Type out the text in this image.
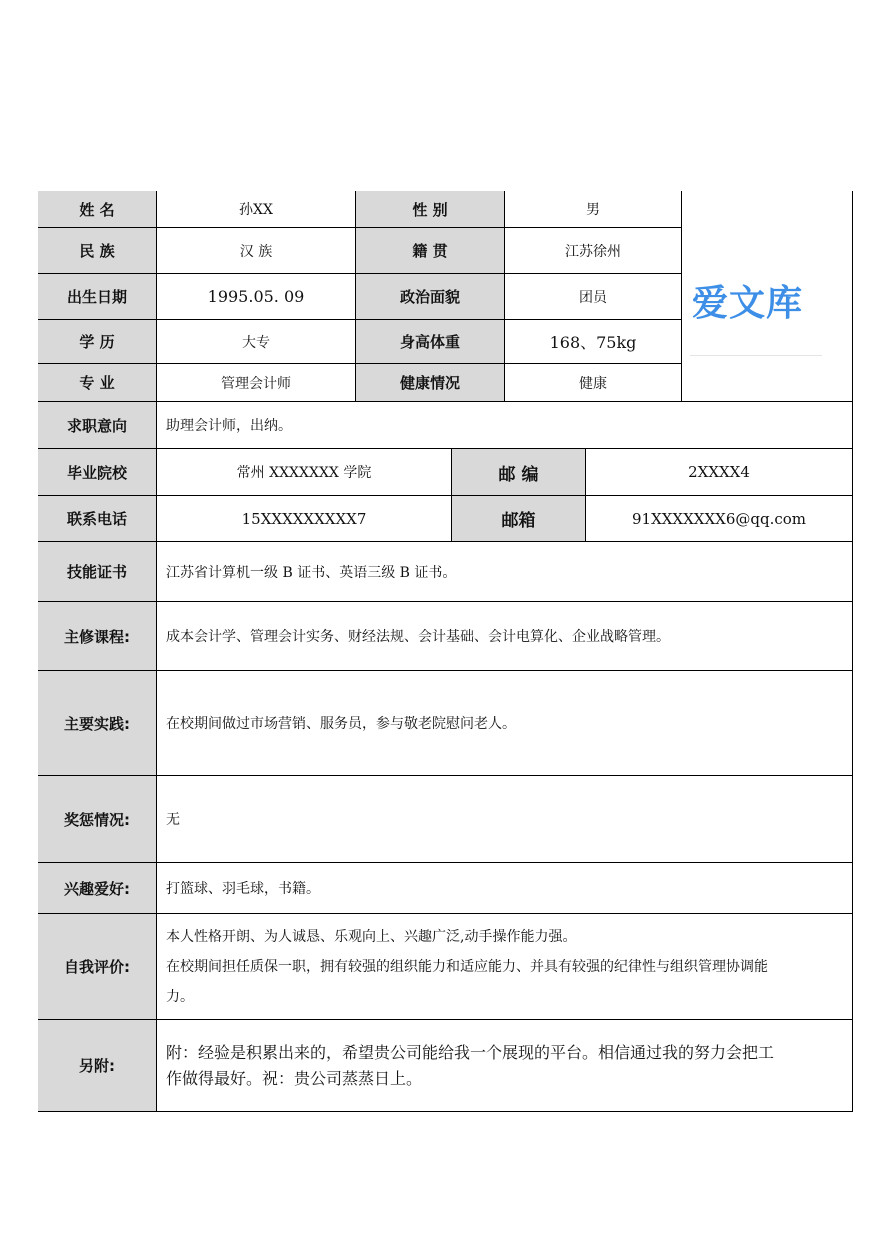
姓 名	孙XX	性 别	男
爱文库
民 族	汉 族	籍 贯	江苏徐州
出生日期	1995.05. 09	政治面貌	团员
学 历	大专	身高体重	168、75kg
专 业	管理会计师	健康情况	健康
求职意向	助理会计师，出纳。
毕业院校	常州 XXXXXXX 学院	邮 编	2XXXX4
联系电话	15XXXXXXXXX7	邮箱	91XXXXXXX6@qq.com
技能证书	江苏省计算机一级 B 证书、英语三级 B 证书。
主修课程:	成本会计学、管理会计实务、财经法规、会计基础、会计电算化、企业战略管理。
主要实践:	在校期间做过市场营销、服务员，参与敬老院慰问老人。
奖惩情况:	无
兴趣爱好:	打篮球、羽毛球，书籍。
自我评价:
本人性格开朗、为人诚恳、乐观向上、兴趣广泛,动手操作能力强。
在校期间担任质保一职，拥有较强的组织能力和适应能力、并具有较强的纪律性与组织管理协调能
力。
另附:
附：经验是积累出来的，希望贵公司能给我一个展现的平台。相信通过我的努力会把工
作做得最好。祝：贵公司蒸蒸日上。
